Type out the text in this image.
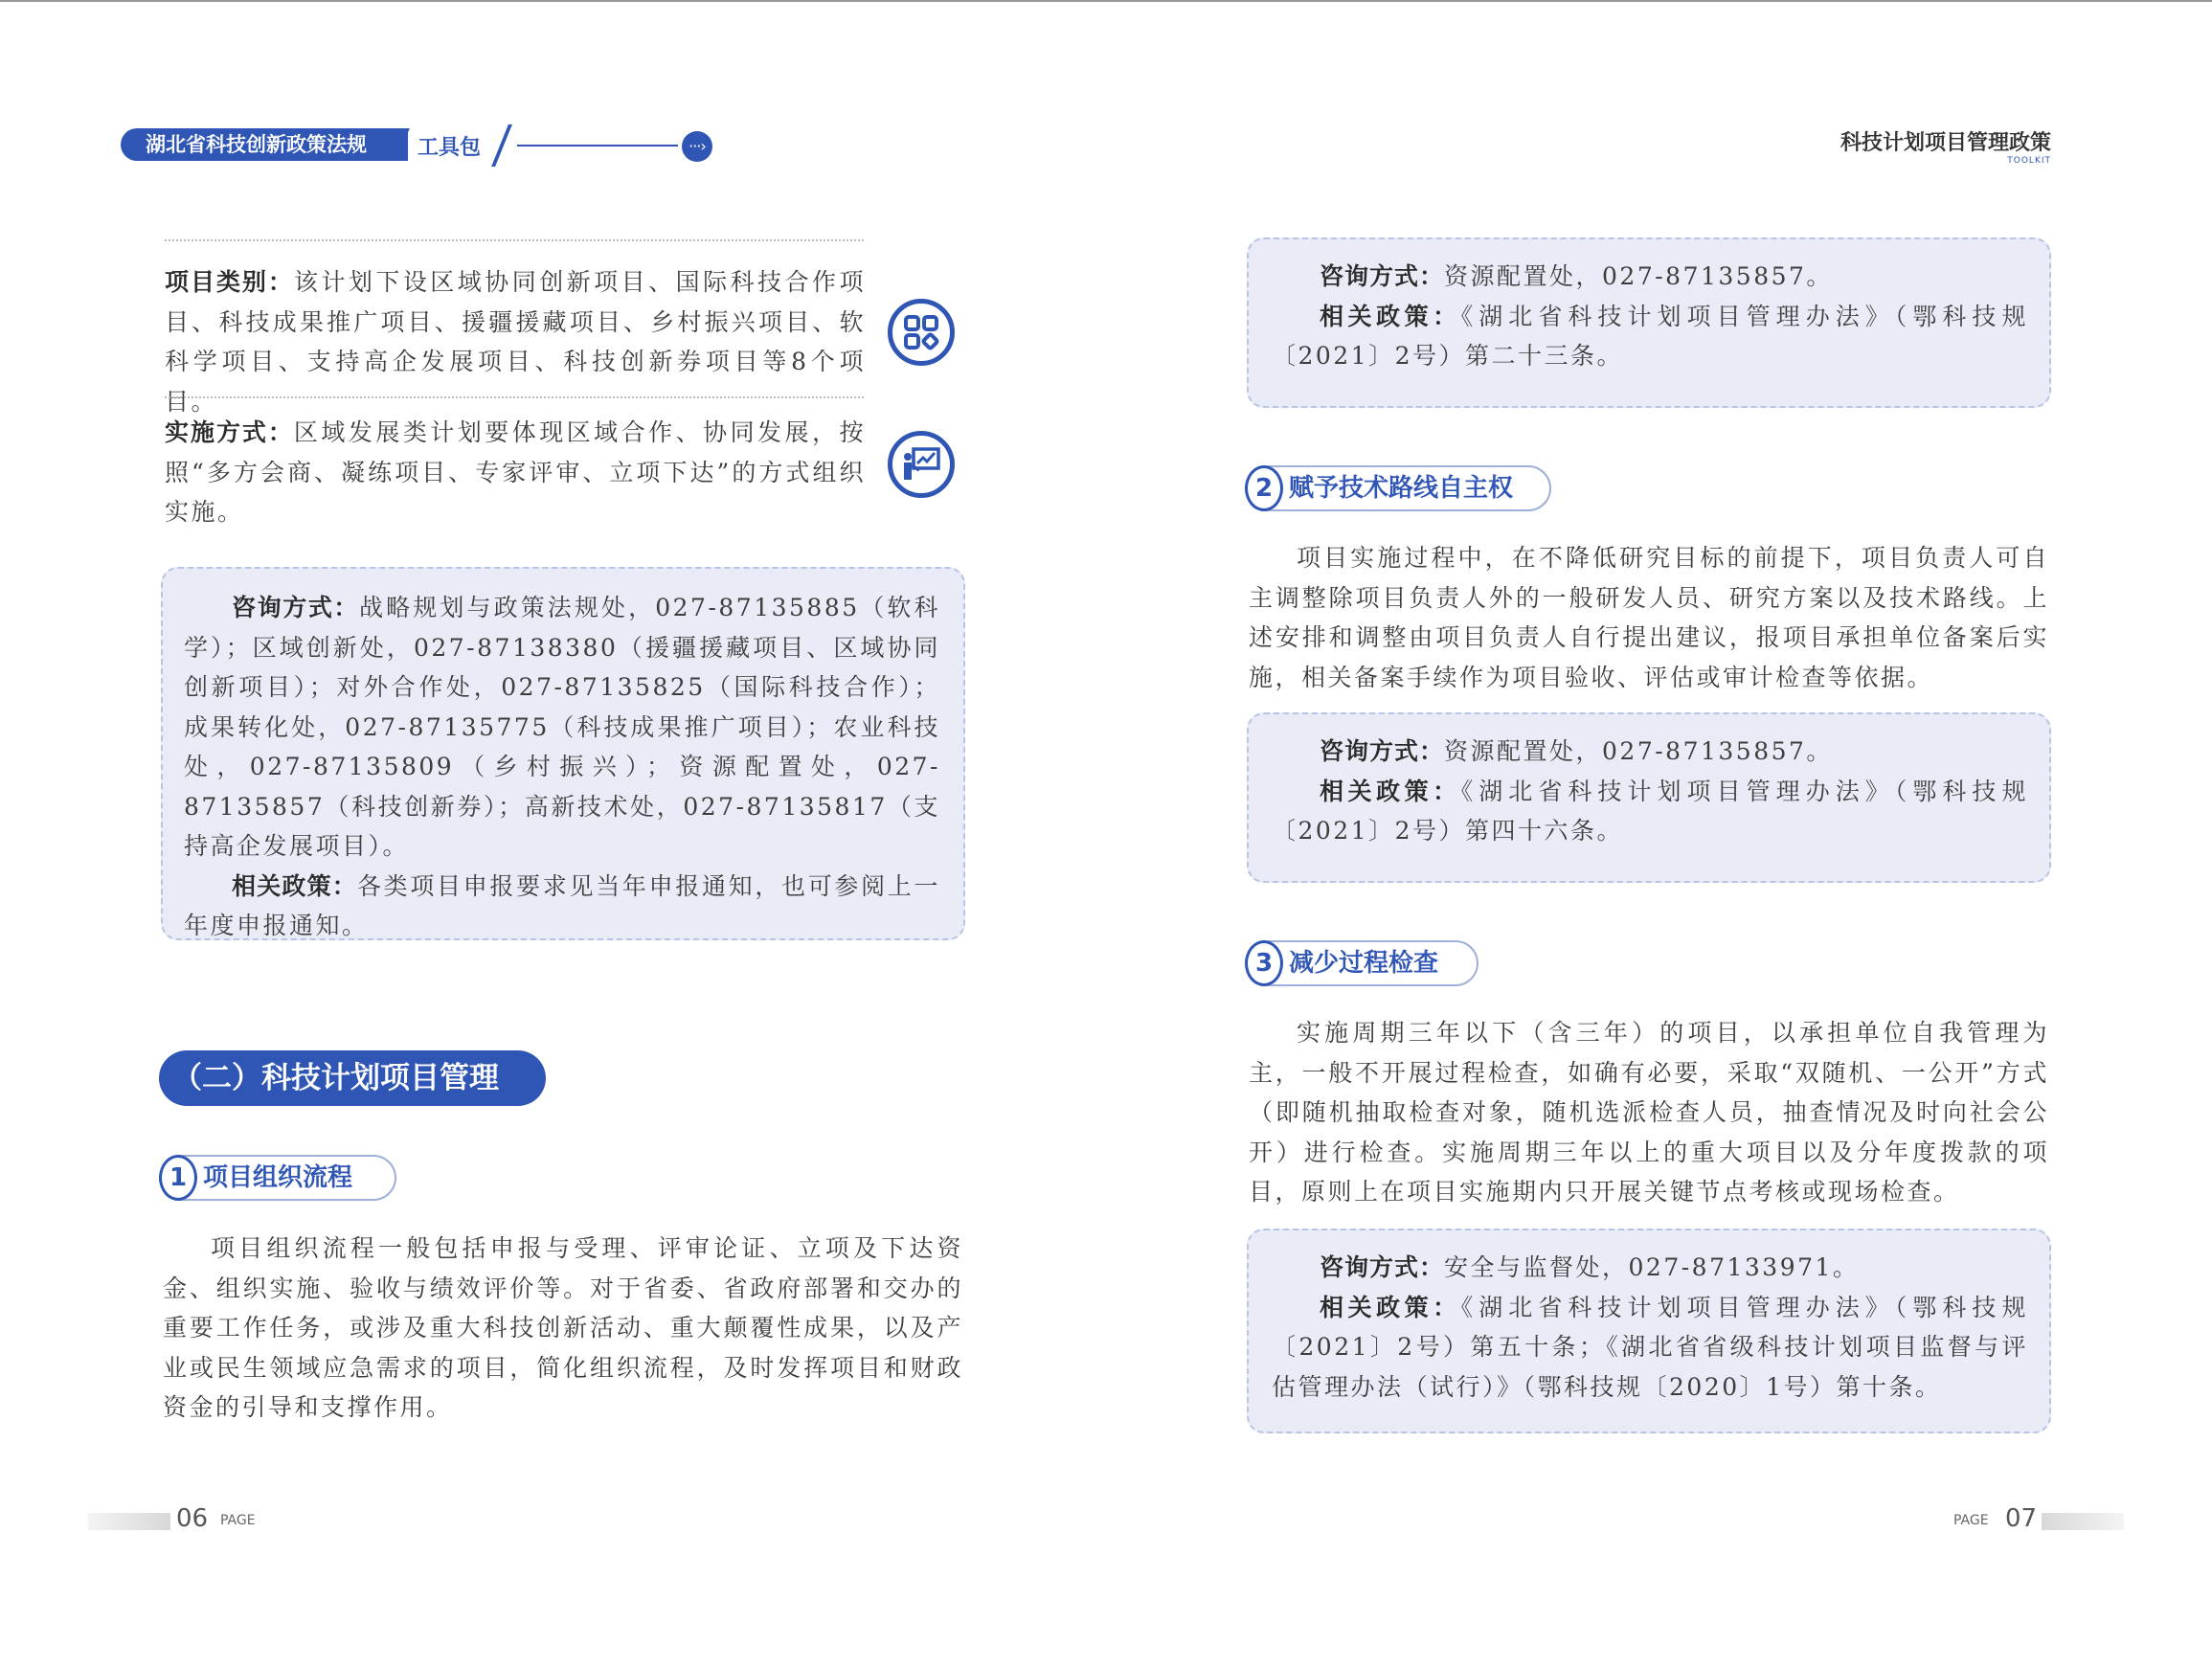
湖北省科技创新政策法规	工具包	···›	科技计划项目管理政策
TOOLKIT
项目类别：该计划下设区域协同创新项目、国际科技合作项目、科技成果推广项目、援疆援藏项目、乡村振兴项目、软科学项目、支持高企发展项目、科技创新券项目等8个项目。
实施方式：区域发展类计划要体现区域合作、协同发展，按照“多方会商、凝练项目、专家评审、立项下达”的方式组织实施。
咨询方式：战略规划与政策法规处，027-87135885（软科学）；区域创新处，027-87138380（援疆援藏项目、区域协同创新项目）；对外合作处，027-87135825（国际科技合作）；成果转化处，027-87135775（科技成果推广项目）；农业科技处，027-87135809（乡村振兴）；资源配置处，027-87135857（科技创新券）；高新技术处，027-87135817（支持高企发展项目）。
相关政策：各类项目申报要求见当年申报通知，也可参阅上一年度申报通知。
（二）科技计划项目管理
1 项目组织流程
项目组织流程一般包括申报与受理、评审论证、立项及下达资金、组织实施、验收与绩效评价等。对于省委、省政府部署和交办的重要工作任务，或涉及重大科技创新活动、重大颠覆性成果，以及产业或民生领域应急需求的项目，简化组织流程，及时发挥项目和财政资金的引导和支撑作用。
咨询方式：资源配置处，027-87135857。
相关政策：《湖北省科技计划项目管理办法》（鄂科技规〔2021〕2号）第二十三条。
2 赋予技术路线自主权
项目实施过程中，在不降低研究目标的前提下，项目负责人可自主调整除项目负责人外的一般研发人员、研究方案以及技术路线。上述安排和调整由项目负责人自行提出建议，报项目承担单位备案后实施，相关备案手续作为项目验收、评估或审计检查等依据。
咨询方式：资源配置处，027-87135857。
相关政策：《湖北省科技计划项目管理办法》（鄂科技规〔2021〕2号）第四十六条。
3 减少过程检查
实施周期三年以下（含三年）的项目，以承担单位自我管理为主，一般不开展过程检查，如确有必要，采取“双随机、一公开”方式（即随机抽取检查对象，随机选派检查人员，抽查情况及时向社会公开）进行检查。实施周期三年以上的重大项目以及分年度拨款的项目，原则上在项目实施期内只开展关键节点考核或现场检查。
咨询方式：安全与监督处，027-87133971。
相关政策：《湖北省科技计划项目管理办法》（鄂科技规〔2021〕2号）第五十条；《湖北省省级科技计划项目监督与评估管理办法（试行）》（鄂科技规〔2020〕1号）第十条。
06 PAGE	PAGE 07
